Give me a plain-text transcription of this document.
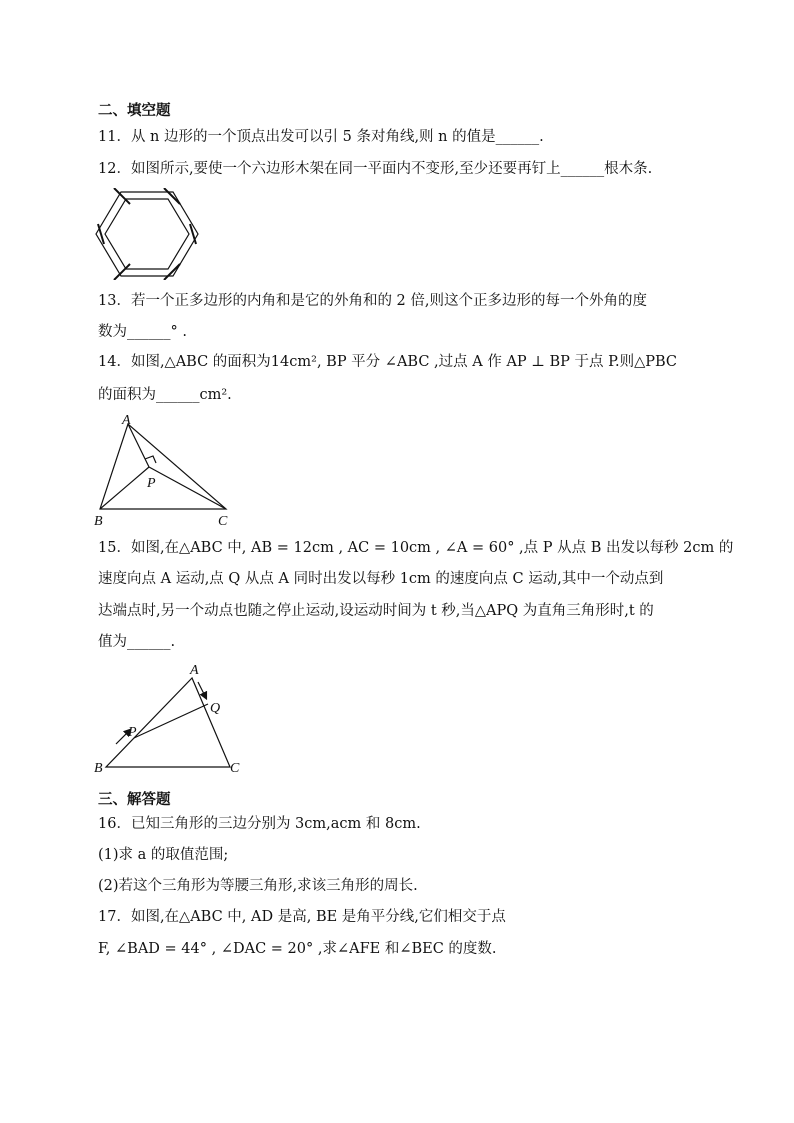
二、填空题
11．从 n 边形的一个顶点出发可以引 5 条对角线,则 n 的值是______.
12．如图所示,要使一个六边形木架在同一平面内不变形,至少还要再钉上______根木条.
13．若一个正多边形的内角和是它的外角和的 2 倍,则这个正多边形的每一个外角的度
数为______° .
14．如图,△ABC 的面积为14cm², BP 平分 ∠ABC ,过点 A 作 AP ⊥ BP 于点 P.则△PBC
的面积为______cm².
A
P
B	C
15．如图,在△ABC 中, AB = 12cm , AC = 10cm , ∠A = 60° ,点 P 从点 B 出发以每秒 2cm 的
速度向点 A 运动,点 Q 从点 A 同时出发以每秒 1cm 的速度向点 C 运动,其中一个动点到
达端点时,另一个动点也随之停止运动,设运动时间为 t 秒,当△APQ 为直角三角形时,t 的
值为______.
A
Q
P
B	C
三、解答题
16．已知三角形的三边分别为 3cm,acm 和 8cm.
(1)求 a 的取值范围;
(2)若这个三角形为等腰三角形,求该三角形的周长.
17．如图,在△ABC 中, AD 是高, BE 是角平分线,它们相交于点
F, ∠BAD = 44° , ∠DAC = 20° ,求∠AFE 和∠BEC 的度数.
